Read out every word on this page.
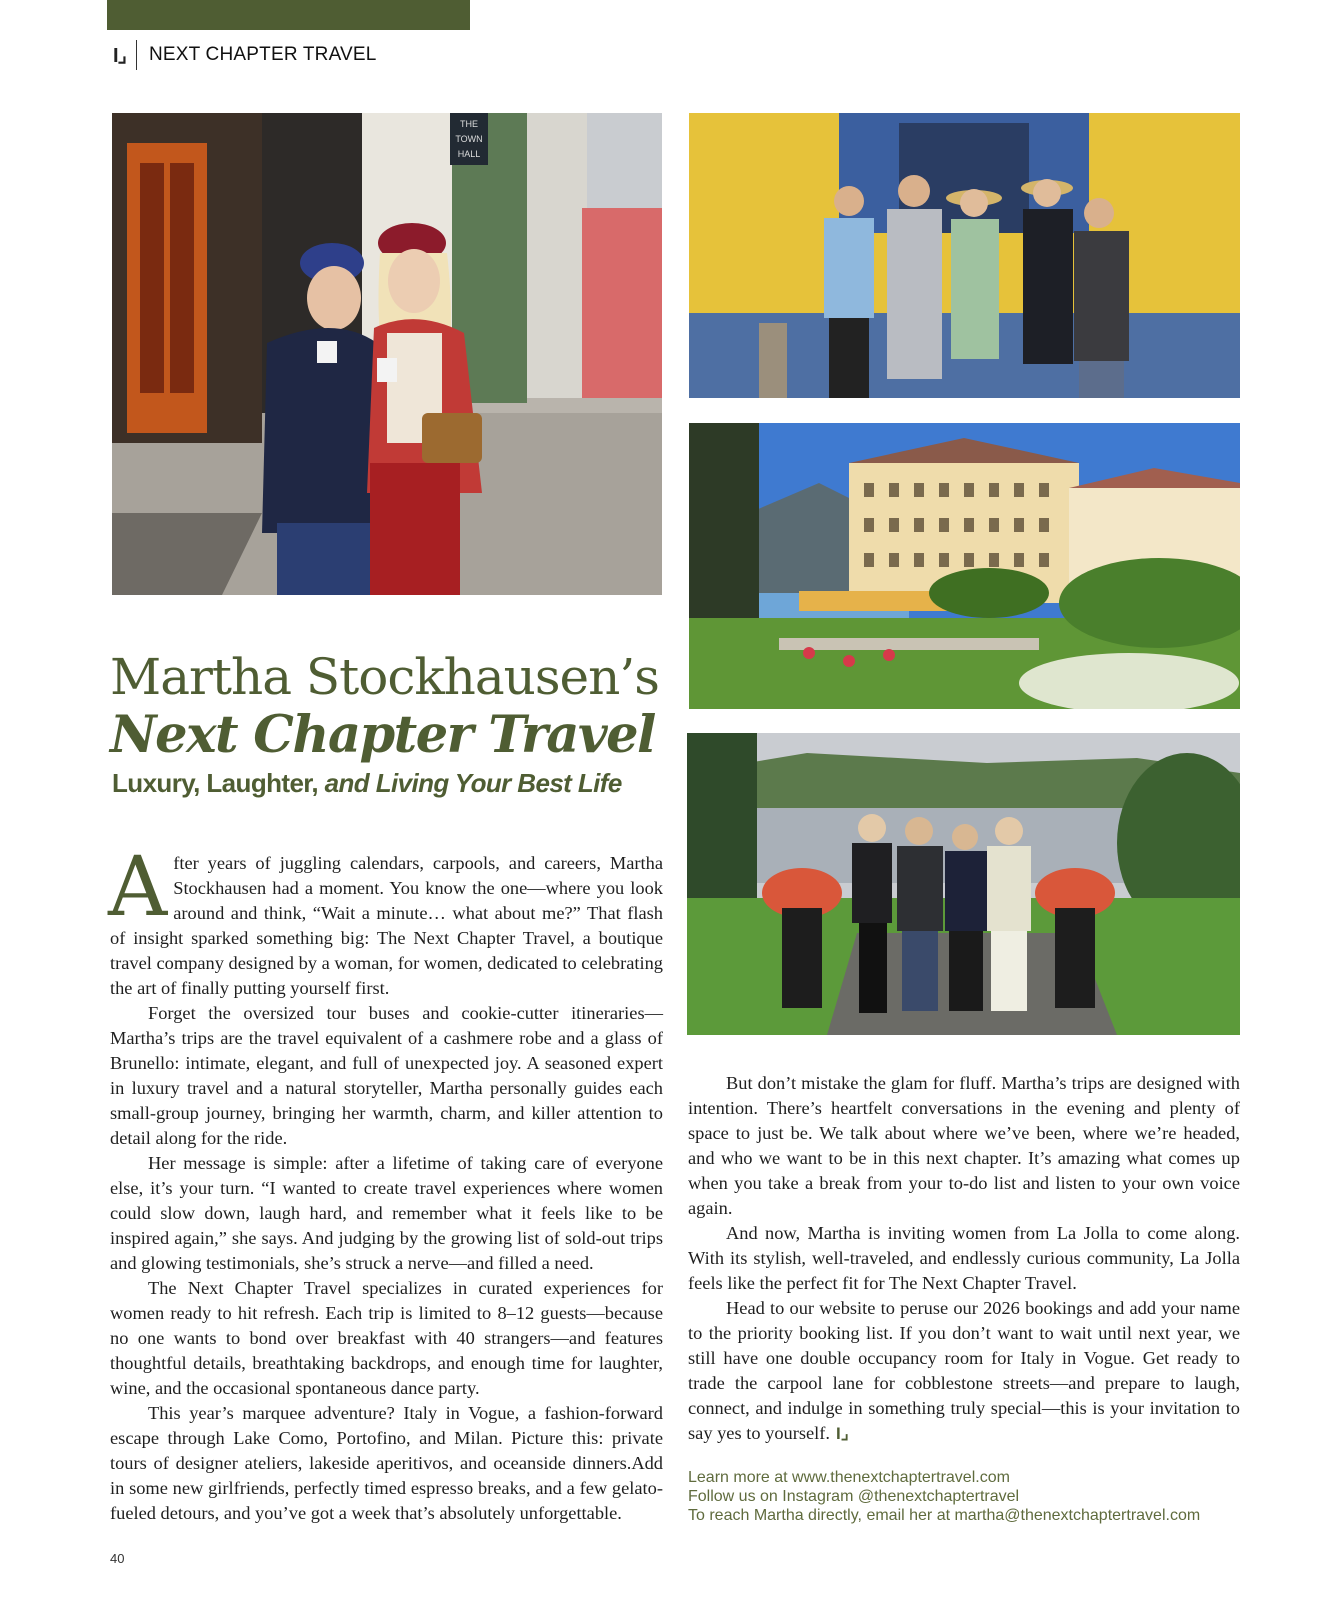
I⌟	NEXT CHAPTER TRAVEL
THE
TOWN
HALL
Martha Stockhausen’s
Next Chapter Travel
Luxury, Laughter, and Living Your Best Life

After years of juggling calendars, carpools, and careers, Martha Stockhausen had a moment. You know the one—where you look around and think, “Wait a minute… what about me?” That flash of insight sparked something big: The Next Chapter Travel, a boutique travel company designed by a woman, for women, dedicated to celebrating the art of finally putting yourself first.

Forget the oversized tour buses and cookie-cutter itineraries—Martha’s trips are the travel equivalent of a cashmere robe and a glass of Brunello: intimate, elegant, and full of unexpected joy. A seasoned expert in luxury travel and a natural storyteller, Martha personally guides each small-group journey, bringing her warmth, charm, and killer attention to detail along for the ride.

Her message is simple: after a lifetime of taking care of everyone else, it’s your turn. “I wanted to create travel experiences where women could slow down, laugh hard, and remember what it feels like to be inspired again,” she says. And judging by the growing list of sold-out trips and glowing testimonials, she’s struck a nerve—and filled a need.

The Next Chapter Travel specializes in curated experiences for women ready to hit refresh. Each trip is limited to 8–12 guests—because no one wants to bond over breakfast with 40 strangers—and features thoughtful details, breathtaking backdrops, and enough time for laughter, wine, and the occasional spontaneous dance party.

This year’s marquee adventure? Italy in Vogue, a fashion-forward escape through Lake Como, Portofino, and Milan. Picture this: private tours of designer ateliers, lakeside aperitivos, and oceanside dinners.Add in some new girlfriends, perfectly timed espresso breaks, and a few gelato-fueled detours, and you’ve got a week that’s absolutely unforgettable.

But don’t mistake the glam for fluff. Martha’s trips are designed with intention. There’s heartfelt conversations in the evening and plenty of space to just be. We talk about where we’ve been, where we’re headed, and who we want to be in this next chapter. It’s amazing what comes up when you take a break from your to-do list and listen to your own voice again.

And now, Martha is inviting women from La Jolla to come along. With its stylish, well-traveled, and endlessly curious community, La Jolla feels like the perfect fit for The Next Chapter Travel.

Head to our website to peruse our 2026 bookings and add your name to the priority booking list. If you don’t want to wait until next year, we still have one double occupancy room for Italy in Vogue. Get ready to trade the carpool lane for cobblestone streets—and prepare to laugh, connect, and indulge in something truly special—this is your invitation to say yes to yourself. I⌟

Learn more at www.thenextchaptertravel.com
Follow us on Instagram @thenextchaptertravel
To reach Martha directly, email her at martha@thenextchaptertravel.com
40
